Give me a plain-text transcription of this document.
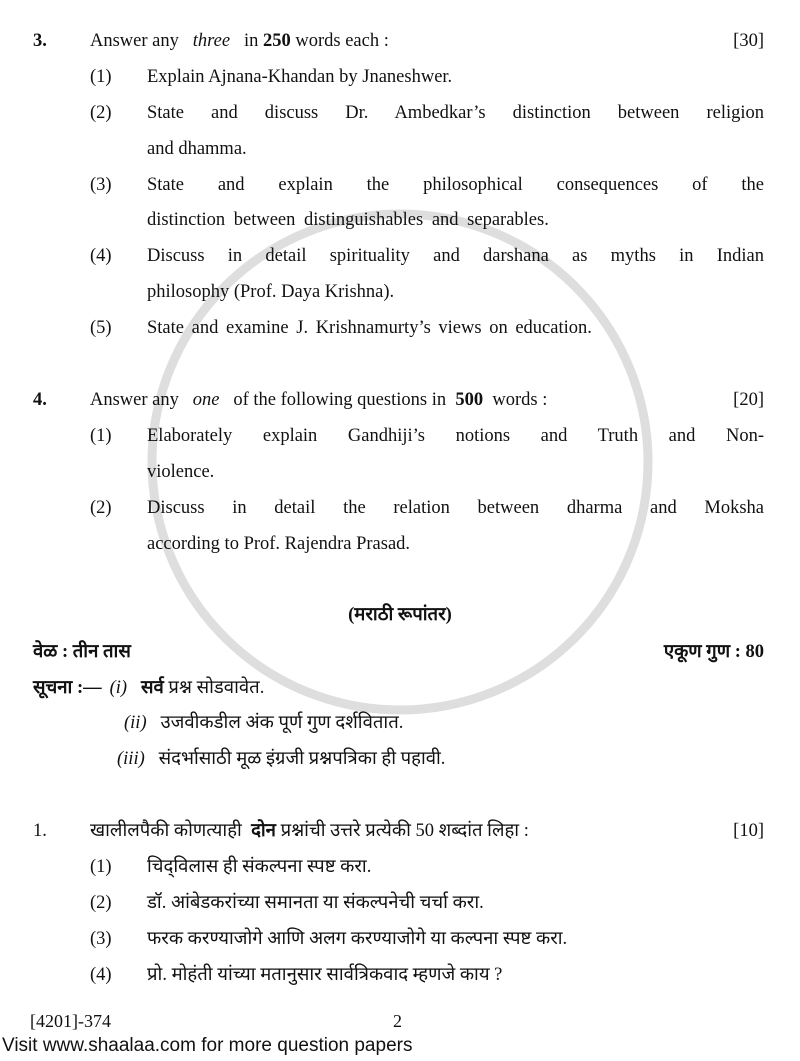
3.	Answer any three in 250 words each :	[30]
(1) Explain Ajnana-Khandan by Jnaneshwer.
(2) State and discuss Dr. Ambedkar’s distinction between religion
and dhamma.
(3) State and explain the philosophical consequences of the
distinction between distinguishables and separables.
(4) Discuss in detail spirituality and darshana as myths in Indian
philosophy (Prof. Daya Krishna).
(5) State and examine J. Krishnamurty’s views on education.
4.	Answer any one of the following questions in 500 words :	[20]
(1) Elaborately explain Gandhiji’s notions and Truth and Non-
violence.
(2) Discuss in detail the relation between dharma and Moksha
according to Prof. Rajendra Prasad.
(मराठी रूपांतर)
वेळ : तीन तास	एकूण गुण : 80
सूचना :— (i) सर्व प्रश्न सोडवावेत.
(ii) उजवीकडील अंक पूर्ण गुण दर्शवितात.
(iii) संदर्भासाठी मूळ इंग्रजी प्रश्नपत्रिका ही पहावी.
1.	खालीलपैकी कोणत्याही दोन प्रश्नांची उत्तरे प्रत्येकी 50 शब्दांत लिहा :	[10]
(1) चिद्‌विलास ही संकल्पना स्पष्ट करा.
(2) डॉ. आंबेडकरांच्या समानता या संकल्पनेची चर्चा करा.
(3) फरक करण्याजोगे आणि अलग करण्याजोगे या कल्पना स्पष्ट करा.
(4) प्रो. मोहंती यांच्या मतानुसार सार्वत्रिकवाद म्हणजे काय ?
[4201]-374	2
Visit www.shaalaa.com for more question papers
